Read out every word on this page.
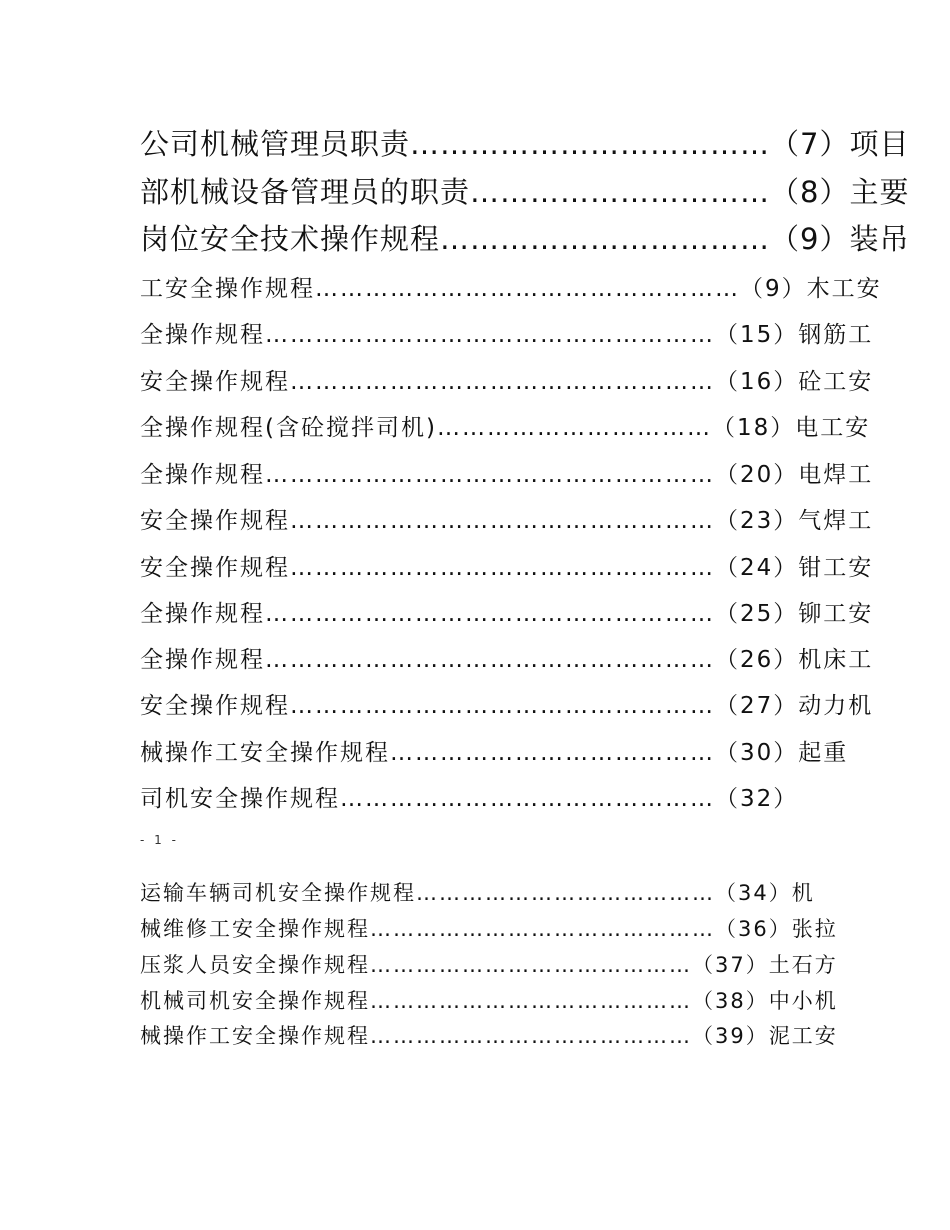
公司机械管理员职责………………………………（7）项目
部机械设备管理员的职责…………………………（8）主要
岗位安全技术操作规程……………………………（9）装吊
工安全操作规程……………………………………………（9）木工安
全操作规程………………………………………………（15）钢筋工
安全操作规程……………………………………………（16）砼工安
全操作规程(含砼搅拌司机)……………………………（18）电工安
全操作规程………………………………………………（20）电焊工
安全操作规程……………………………………………（23）气焊工
安全操作规程……………………………………………（24）钳工安
全操作规程………………………………………………（25）铆工安
全操作规程………………………………………………（26）机床工
安全操作规程……………………………………………（27）动力机
械操作工安全操作规程…………………………………（30）起重
司机安全操作规程………………………………………（32）
- 1 -
运输车辆司机安全操作规程…………………………………（34）机
械维修工安全操作规程………………………………………（36）张拉
压浆人员安全操作规程……………………………………（37）土石方
机械司机安全操作规程……………………………………（38）中小机
械操作工安全操作规程……………………………………（39）泥工安
